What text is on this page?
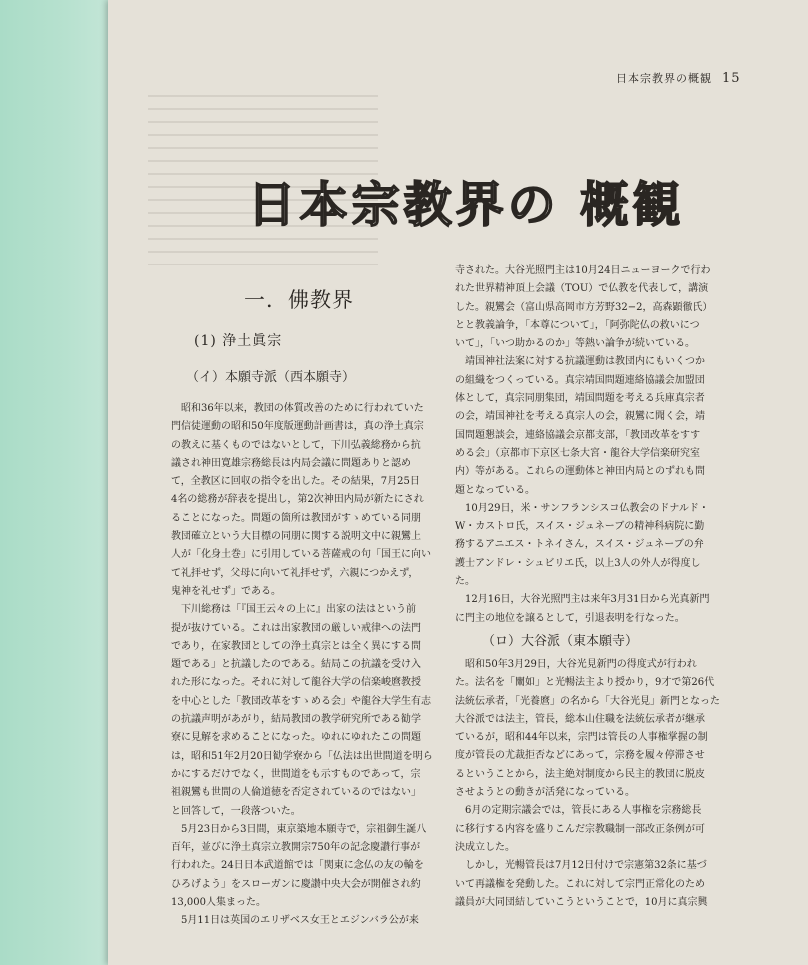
日本宗教界の概観 15
日本宗教界の 概観
一．佛教界
(1) 浄土眞宗
（イ）本願寺派（西本願寺）
昭和36年以来，教団の体質改善のために行われていた
門信徒運動の昭和50年度版運動計画書は，真の浄土真宗
の教えに基くものではないとして，下川弘義総務から抗
議され神田寛雄宗務総長は内局会議に問題ありと認め
て，全教区に回収の指令を出した。その結果，7月25日
4名の総務が辞表を提出し，第2次神田内局が新たにされ
ることになった。問題の箇所は教団がすゝめている同朋
教団確立という大目標の同朋に関する説明文中に親鸞上
人が「化身土巻」に引用している菩薩戒の句「国王に向い
て礼拝せず，父母に向いて礼拝せず，六親につかえず，
鬼神を礼せず」である。
下川総務は「『国王云々の上に』出家の法はという前
提が抜けている。これは出家教団の厳しい戒律への法門
であり，在家教団としての浄土真宗とは全く異にする問
題である」と抗議したのである。結局この抗議を受け入
れた形になった。それに対して龍谷大学の信楽峻麿教授
を中心とした「教団改革をすゝめる会」や龍谷大学生有志
の抗議声明があがり，結局教団の教学研究所である勧学
寮に見解を求めることになった。ゆれにゆれたこの問題
は，昭和51年2月20日勧学寮から「仏法は出世間道を明ら
かにするだけでなく，世間道をも示すものであって，宗
祖親鸞も世間の人倫道徳を否定されているのではない」
と回答して，一段落ついた。
5月23日から3日間，東京築地本願寺で，宗祖御生誕八
百年，並びに浄土真宗立教開宗750年の記念慶讃行事が
行われた。24日日本武道館では「関東に念仏の友の輪を
ひろげよう」をスローガンに慶讃中央大会が開催され約
13,000人集まった。
5月11日は英国のエリザベス女王とエジンバラ公が来
寺された。大谷光照門主は10月24日ニューヨークで行わ
れた世界精神頂上会議（TOU）で仏教を代表して，講演
した。親鸞会（富山県高岡市方芳野32−2，高森顕徹氏）
とと教義論争，「本尊について」，「阿弥陀仏の救いにつ
いて」，「いつ助かるのか」等熱い論争が続いている。
靖国神社法案に対する抗議運動は教団内にもいくつか
の組織をつくっている。真宗靖国問題連絡協議会加盟団
体として，真宗同朋集団，靖国問題を考える兵庫真宗者
の会，靖国神社を考える真宗人の会，親鸞に聞く会，靖
国問題懇談会，連絡協議会京都支部，「教団改革をすす
める会」（京都市下京区七条大宮・龍谷大学信楽研究室
内）等がある。これらの運動体と神田内局とのずれも問
題となっている。
10月29日，米・サンフランシスコ仏教会のドナルド・
W・カストロ氏，スイス・ジュネーブの精神科病院に勤
務するアニエス・トネイさん，スイス・ジュネーブの弁
護士アンドレ・シュビリエ氏，以上3人の外人が得度し
た。
12月16日，大谷光照門主は来年3月31日から光真新門
に門主の地位を譲るとして，引退表明を行なった。
（ロ）大谷派（東本願寺）
昭和50年3月29日，大谷光見新門の得度式が行われ
た。法名を「闡如」と光暢法主より授かり，9才で第26代
法統伝承者，「光養麿」の名から「大谷光見」新門となった
大谷派では法主，管長，総本山住職を法統伝承者が継承
ているが，昭和44年以来，宗門は管長の人事権掌握の制
度が管長の尤裁拒否などにあって，宗務を履々停滞させ
るということから，法主絶対制度から民主的教団に脱皮
させようとの動きが活発になっている。
6月の定期宗議会では，管長にある人事権を宗務総長
に移行する内容を盛りこんだ宗教職制一部改正条例が可
決成立した。
しかし，光暢管長は7月12日付けで宗憲第32条に基づ
いて再議権を発動した。これに対して宗門正常化のため
議員が大同団結していこうということで，10月に真宗興
